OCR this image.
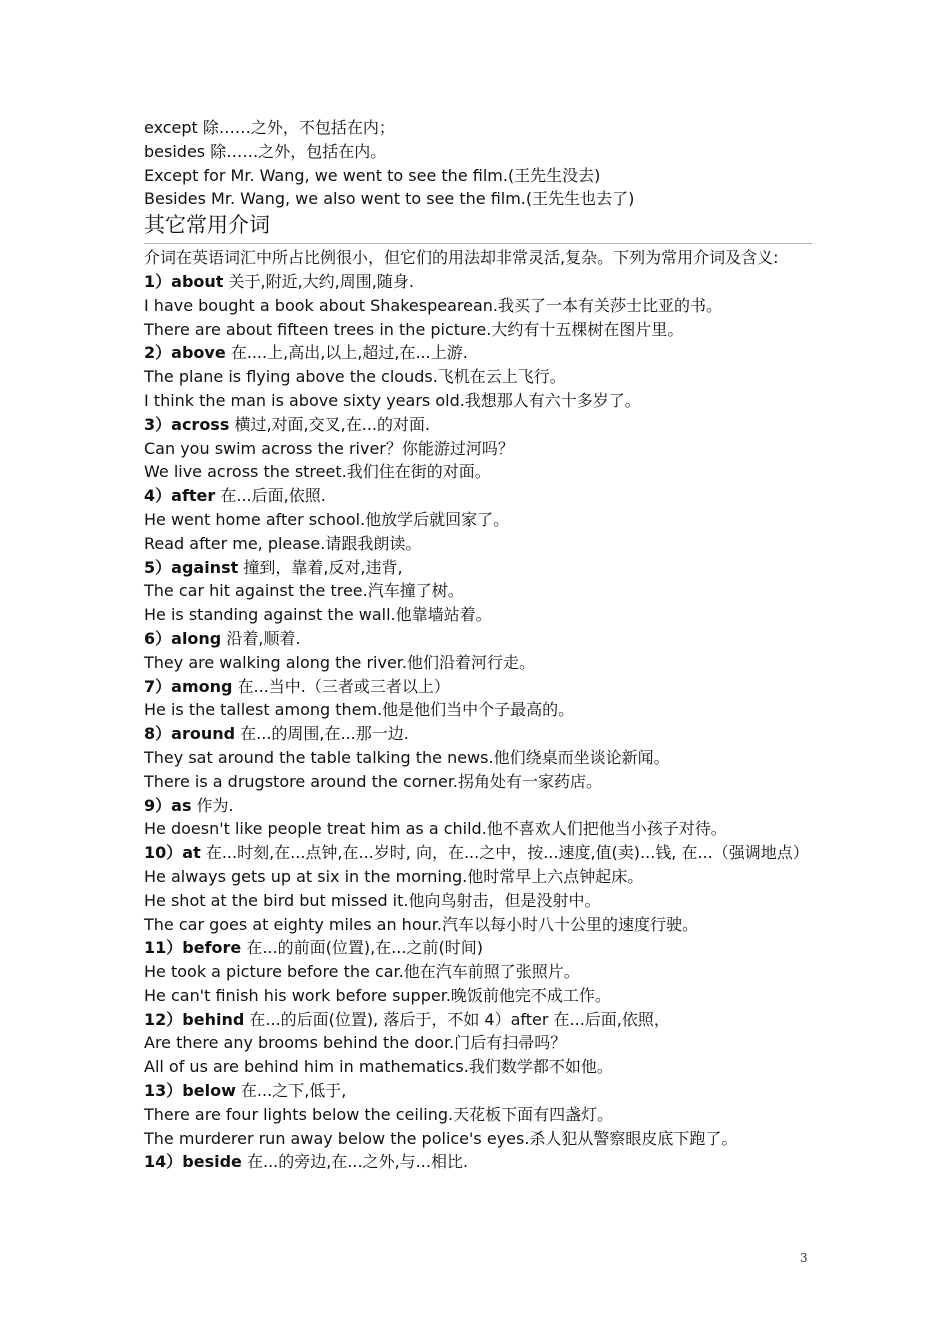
except 除……之外，不包括在内；
besides 除……之外，包括在内。
Except for Mr. Wang, we went to see the film.(王先生没去)
Besides Mr. Wang, we also went to see the film.(王先生也去了)
其它常用介词
介词在英语词汇中所占比例很小，但它们的用法却非常灵活,复杂。下列为常用介词及含义:
1）about 关于,附近,大约,周围,随身.
I have bought a book about Shakespearean.我买了一本有关莎士比亚的书。
There are about fifteen trees in the picture.大约有十五棵树在图片里。
2）above 在....上,高出,以上,超过,在...上游.
The plane is flying above the clouds.飞机在云上飞行。
I think the man is above sixty years old.我想那人有六十多岁了。
3）across 横过,对面,交叉,在...的对面.
Can you swim across the river？你能游过河吗？
We live across the street.我们住在街的对面。
4）after 在...后面,依照.
He went home after school.他放学后就回家了。
Read after me, please.请跟我朗读。
5）against 撞到，靠着,反对,违背,
The car hit against the tree.汽车撞了树。
He is standing against the wall.他靠墙站着。
6）along 沿着,顺着.
They are walking along the river.他们沿着河行走。
7）among 在...当中.（三者或三者以上）
He is the tallest among them.他是他们当中个子最高的。
8）around 在...的周围,在...那一边.
They sat around the table talking the news.他们绕桌而坐谈论新闻。
There is a drugstore around the corner.拐角处有一家药店。
9）as 作为.
He doesn't like people treat him as a child.他不喜欢人们把他当小孩子对待。
10）at 在...时刻,在...点钟,在...岁时, 向，在...之中，按...速度,值(卖)...钱, 在...（强调地点）
He always gets up at six in the morning.他时常早上六点钟起床。
He shot at the bird but missed it.他向鸟射击，但是没射中。
The car goes at eighty miles an hour.汽车以每小时八十公里的速度行驶。
11）before 在...的前面(位置),在...之前(时间)
He took a picture before the car.他在汽车前照了张照片。
He can't finish his work before supper.晚饭前他完不成工作。
12）behind 在...的后面(位置), 落后于，不如 4）after 在...后面,依照，
Are there any brooms behind the door.门后有扫帚吗？
All of us are behind him in mathematics.我们数学都不如他。
13）below 在...之下,低于,
There are four lights below the ceiling.天花板下面有四盏灯。
The murderer run away below the police's eyes.杀人犯从警察眼皮底下跑了。
14）beside 在...的旁边,在...之外,与...相比.
3
